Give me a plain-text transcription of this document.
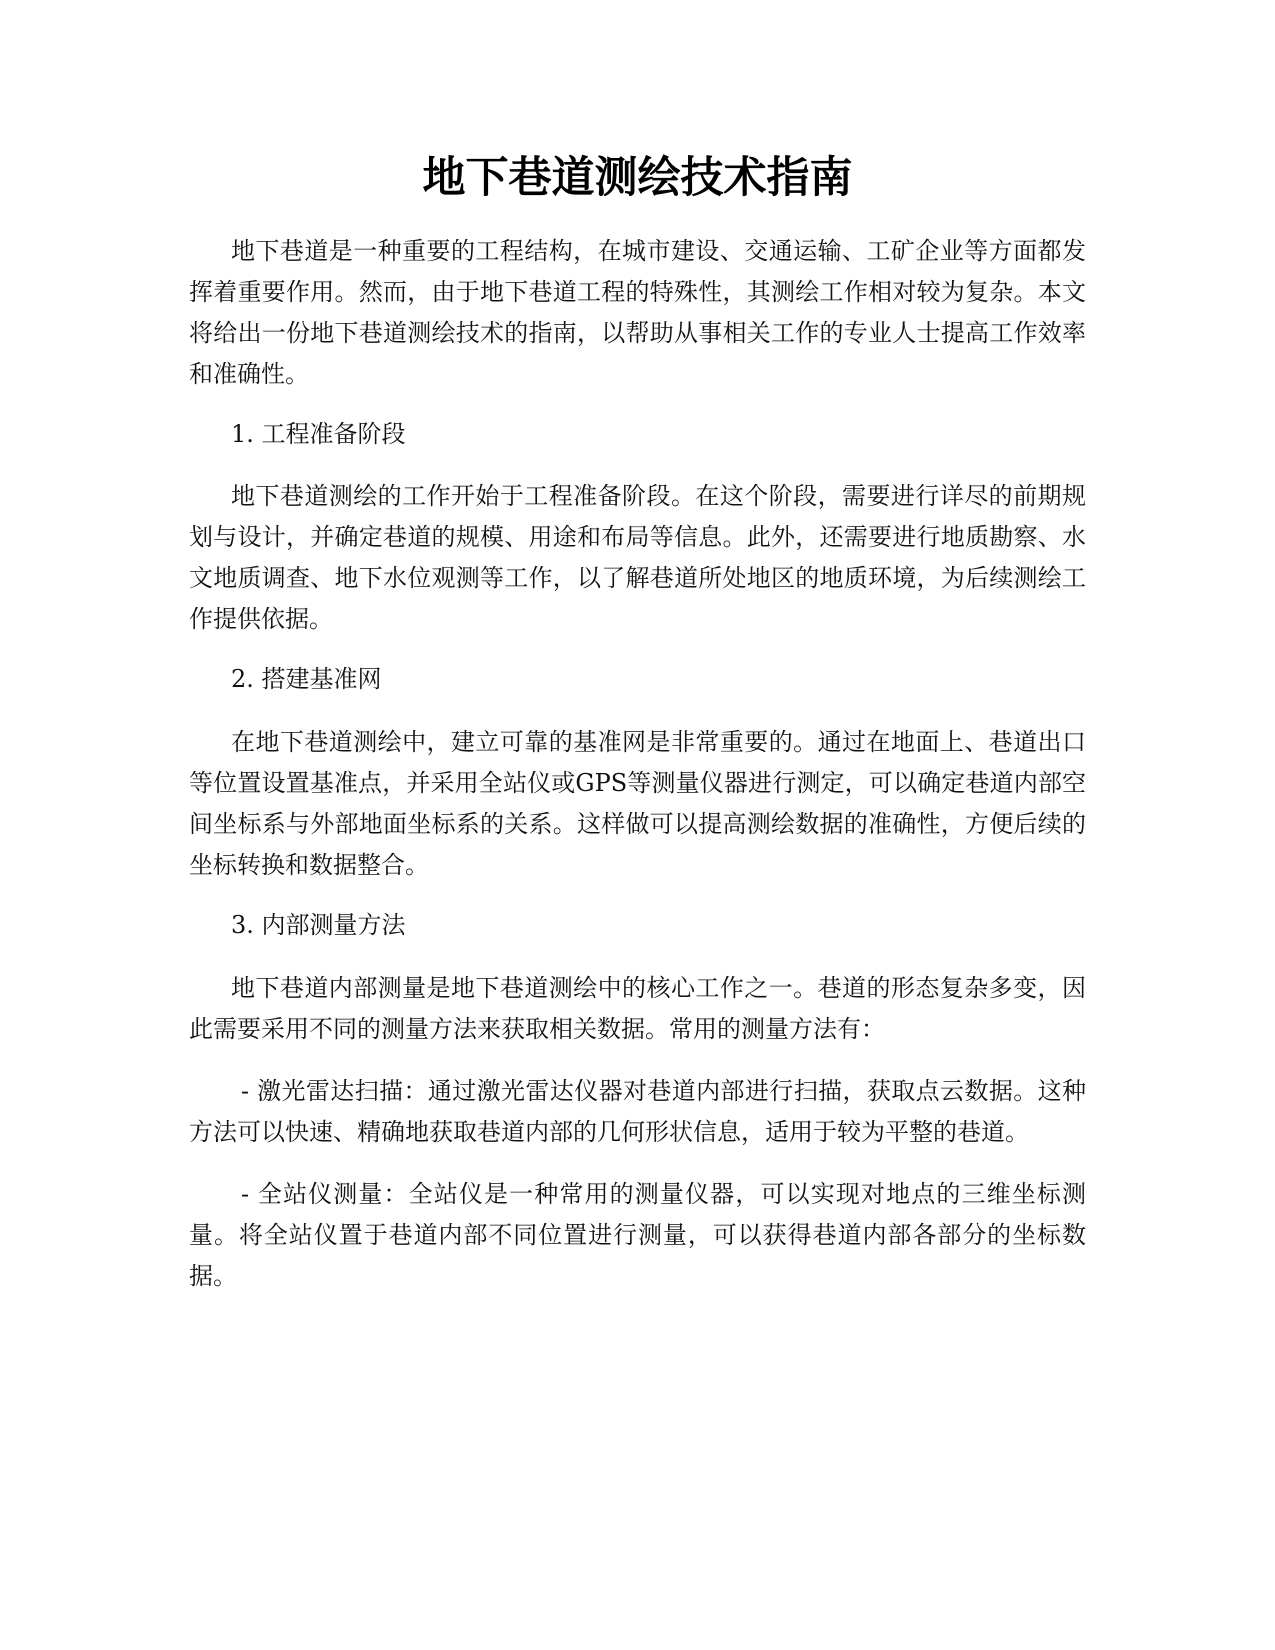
地下巷道测绘技术指南

地下巷道是一种重要的工程结构，在城市建设、交通运输、工矿企业等方面都发挥着重要作用。然而，由于地下巷道工程的特殊性，其测绘工作相对较为复杂。本文将给出一份地下巷道测绘技术的指南，以帮助从事相关工作的专业人士提高工作效率和准确性。

1. 工程准备阶段

地下巷道测绘的工作开始于工程准备阶段。在这个阶段，需要进行详尽的前期规划与设计，并确定巷道的规模、用途和布局等信息。此外，还需要进行地质勘察、水文地质调查、地下水位观测等工作，以了解巷道所处地区的地质环境，为后续测绘工作提供依据。

2. 搭建基准网

在地下巷道测绘中，建立可靠的基准网是非常重要的。通过在地面上、巷道出口等位置设置基准点，并采用全站仪或GPS等测量仪器进行测定，可以确定巷道内部空间坐标系与外部地面坐标系的关系。这样做可以提高测绘数据的准确性，方便后续的坐标转换和数据整合。

3. 内部测量方法

地下巷道内部测量是地下巷道测绘中的核心工作之一。巷道的形态复杂多变，因此需要采用不同的测量方法来获取相关数据。常用的测量方法有：

- 激光雷达扫描：通过激光雷达仪器对巷道内部进行扫描，获取点云数据。这种方法可以快速、精确地获取巷道内部的几何形状信息，适用于较为平整的巷道。

- 全站仪测量：全站仪是一种常用的测量仪器，可以实现对地点的三维坐标测量。将全站仪置于巷道内部不同位置进行测量，可以获得巷道内部各部分的坐标数据。
